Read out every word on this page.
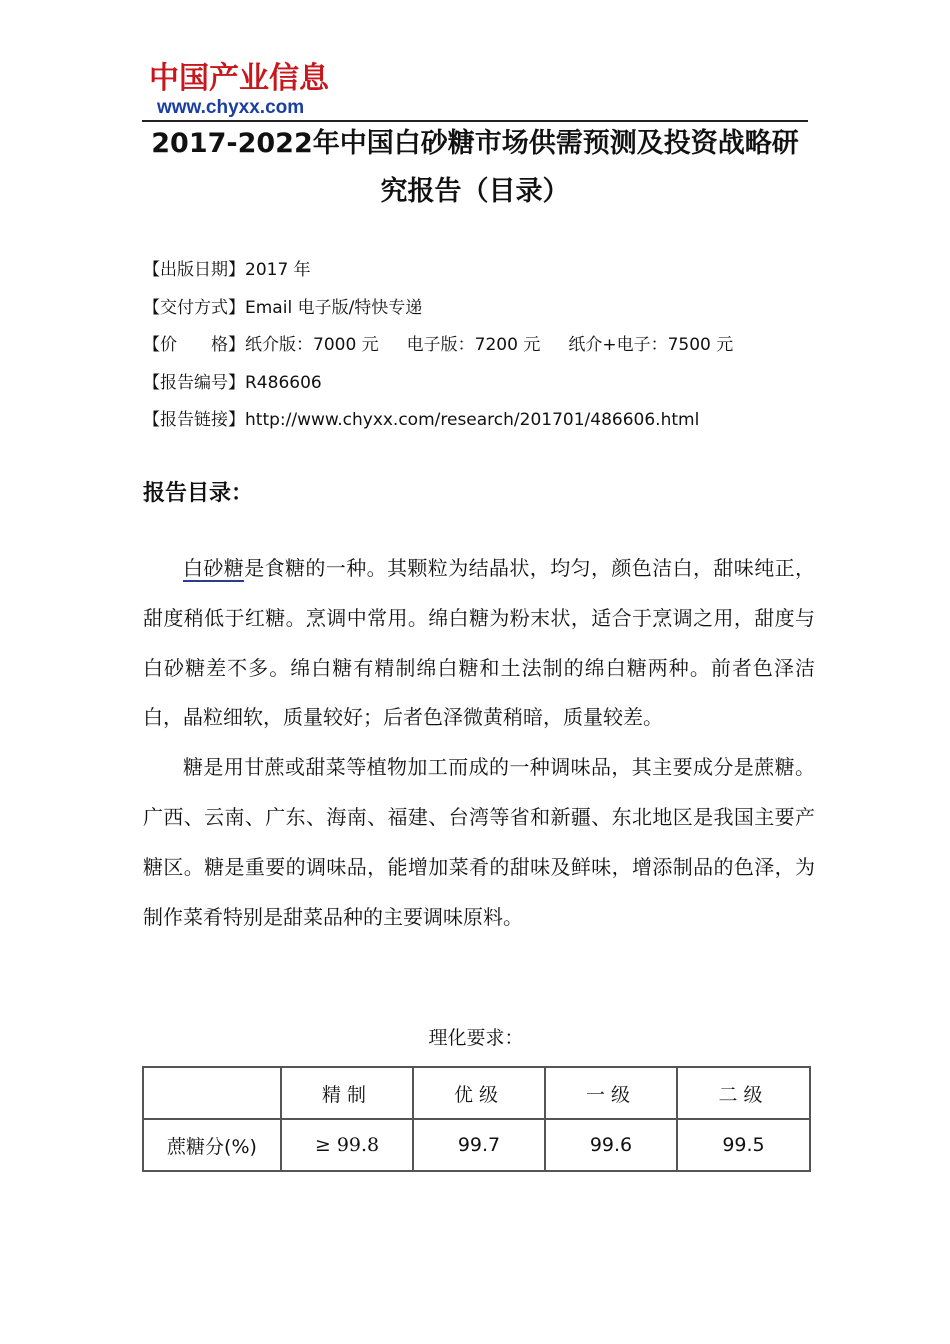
中国产业信息
www.chyxx.com
2017-2022年中国白砂糖市场供需预测及投资战略研
究报告（目录）
【出版日期】2017 年
【交付方式】Email 电子版/特快专递
【价　　格】纸介版：7000 元 电子版：7200 元 纸介+电子：7500 元
【报告编号】R486606
【报告链接】http://www.chyxx.com/research/201701/486606.html
报告目录：

白砂糖是食糖的一种。其颗粒为结晶状，均匀，颜色洁白，甜味纯正，甜度稍低于红糖。烹调中常用。绵白糖为粉末状，适合于烹调之用，甜度与白砂糖差不多。绵白糖有精制绵白糖和土法制的绵白糖两种。前者色泽洁白，晶粒细软，质量较好；后者色泽微黄稍暗，质量较差。

糖是用甘蔗或甜菜等植物加工而成的一种调味品，其主要成分是蔗糖。广西、云南、广东、海南、福建、台湾等省和新疆、东北地区是我国主要产糖区。糖是重要的调味品，能增加菜肴的甜味及鲜味，增添制品的色泽，为制作菜肴特别是甜菜品种的主要调味原料。

理化要求：
	精制	优级	一级	二级
蔗糖分(%)	≥ 99.8	99.7	99.6	99.5
